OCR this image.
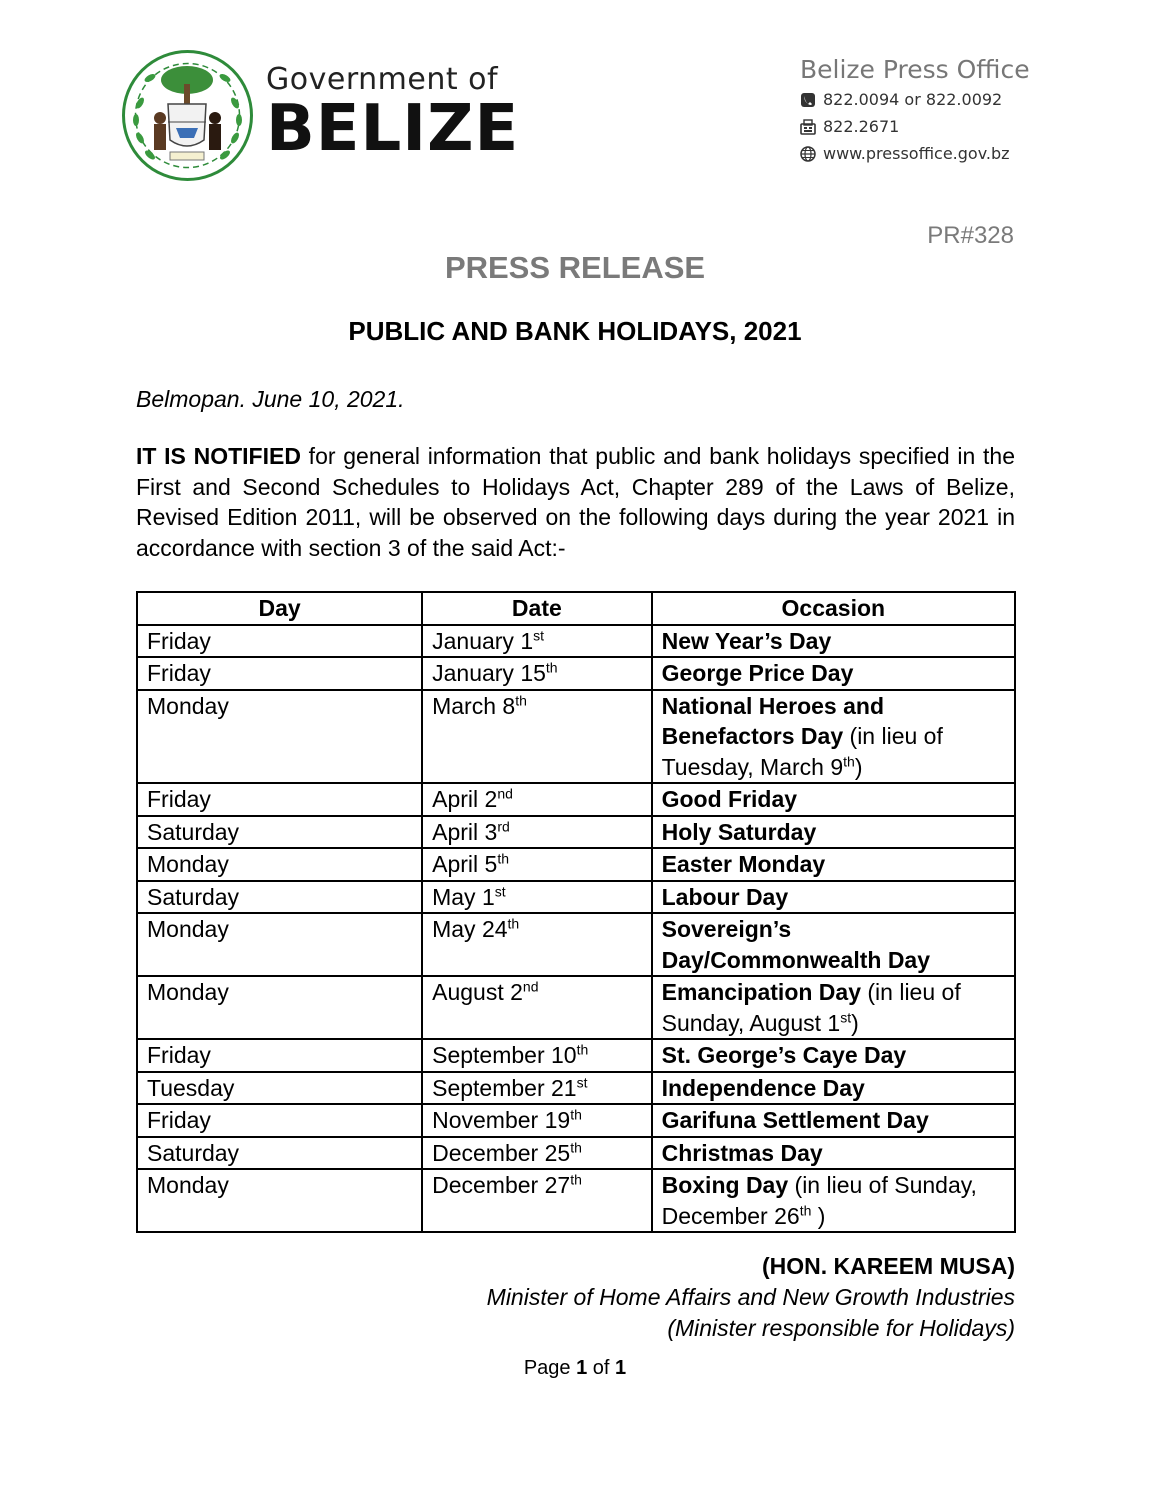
Government of
BELIZE
Belize Press Office
822.0094 or 822.0092
822.2671
www.pressoffice.gov.bz
PR#328
PRESS RELEASE
PUBLIC AND BANK HOLIDAYS, 2021
Belmopan. June 10, 2021.

IT IS NOTIFIED for general information that public and bank holidays specified in the First and Second Schedules to Holidays Act, Chapter 289 of the Laws of Belize, Revised Edition 2011, will be observed on the following days during the year 2021 in accordance with section 3 of the said Act:-

Day	Date	Occasion
Friday	January 1st	New Year’s Day
Friday	January 15th	George Price Day
Monday	March 8th	National Heroes and Benefactors Day (in lieu of Tuesday, March 9th)
Friday	April 2nd	Good Friday
Saturday	April 3rd	Holy Saturday
Monday	April 5th	Easter Monday
Saturday	May 1st	Labour Day
Monday	May 24th	Sovereign’s Day/Commonwealth Day
Monday	August 2nd	Emancipation Day (in lieu of Sunday, August 1st)
Friday	September 10th	St. George’s Caye Day
Tuesday	September 21st	Independence Day
Friday	November 19th	Garifuna Settlement Day
Saturday	December 25th	Christmas Day
Monday	December 27th	Boxing Day (in lieu of Sunday, December 26th )
(HON. KAREEM MUSA)
Minister of Home Affairs and New Growth Industries
(Minister responsible for Holidays)
Page 1 of 1
